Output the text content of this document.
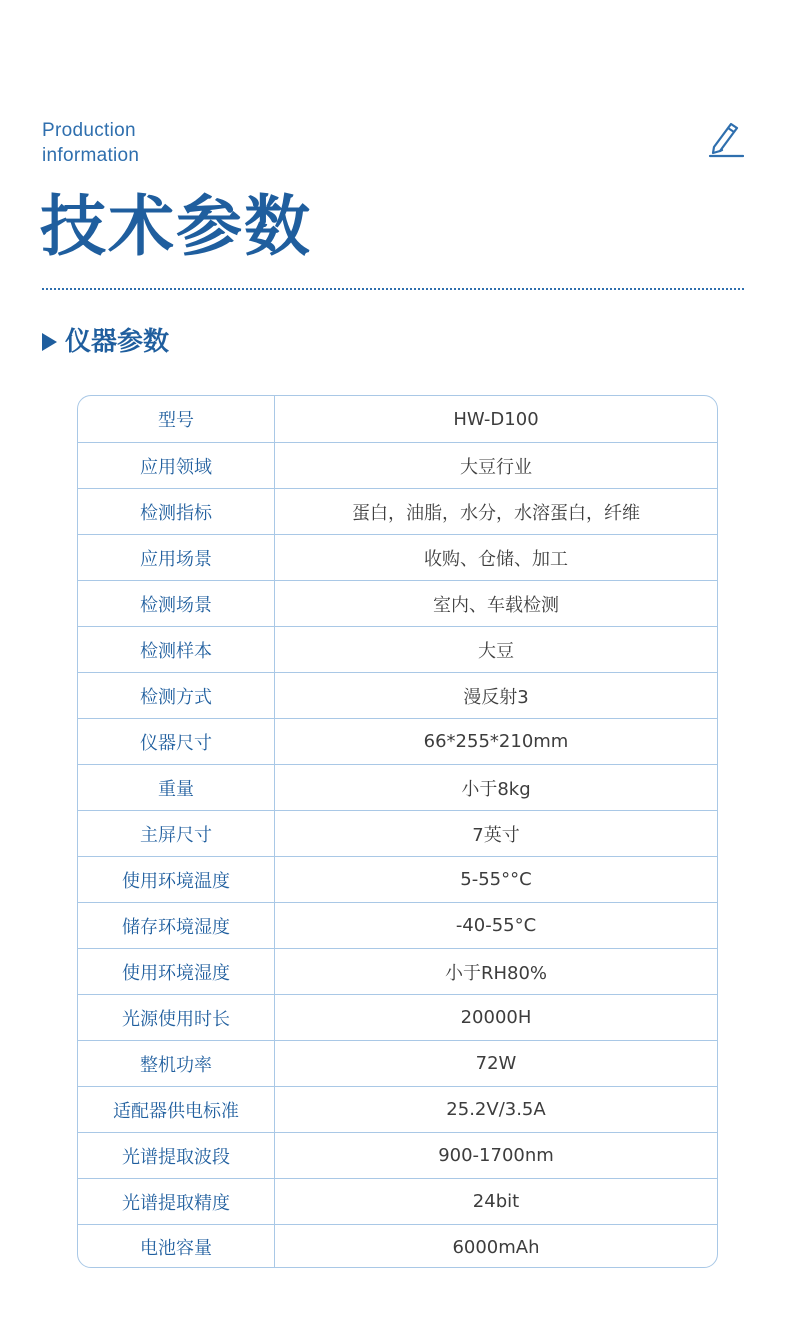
Production
information
技术参数
仪器参数
型号	HW-D100
应用领域	大豆行业
检测指标	蛋白，油脂，水分，水溶蛋白，纤维
应用场景	收购、仓储、加工
检测场景	室内、车载检测
检测样本	大豆
检测方式	漫反射3
仪器尺寸	66*255*210mm
重量	小于8kg
主屏尺寸	7英寸
使用环境温度	5-55°°C
储存环境湿度	-40-55°C
使用环境湿度	小于RH80%
光源使用时长	20000H
整机功率	72W
适配器供电标准	25.2V/3.5A
光谱提取波段	900-1700nm
光谱提取精度	24bit
电池容量	6000mAh
